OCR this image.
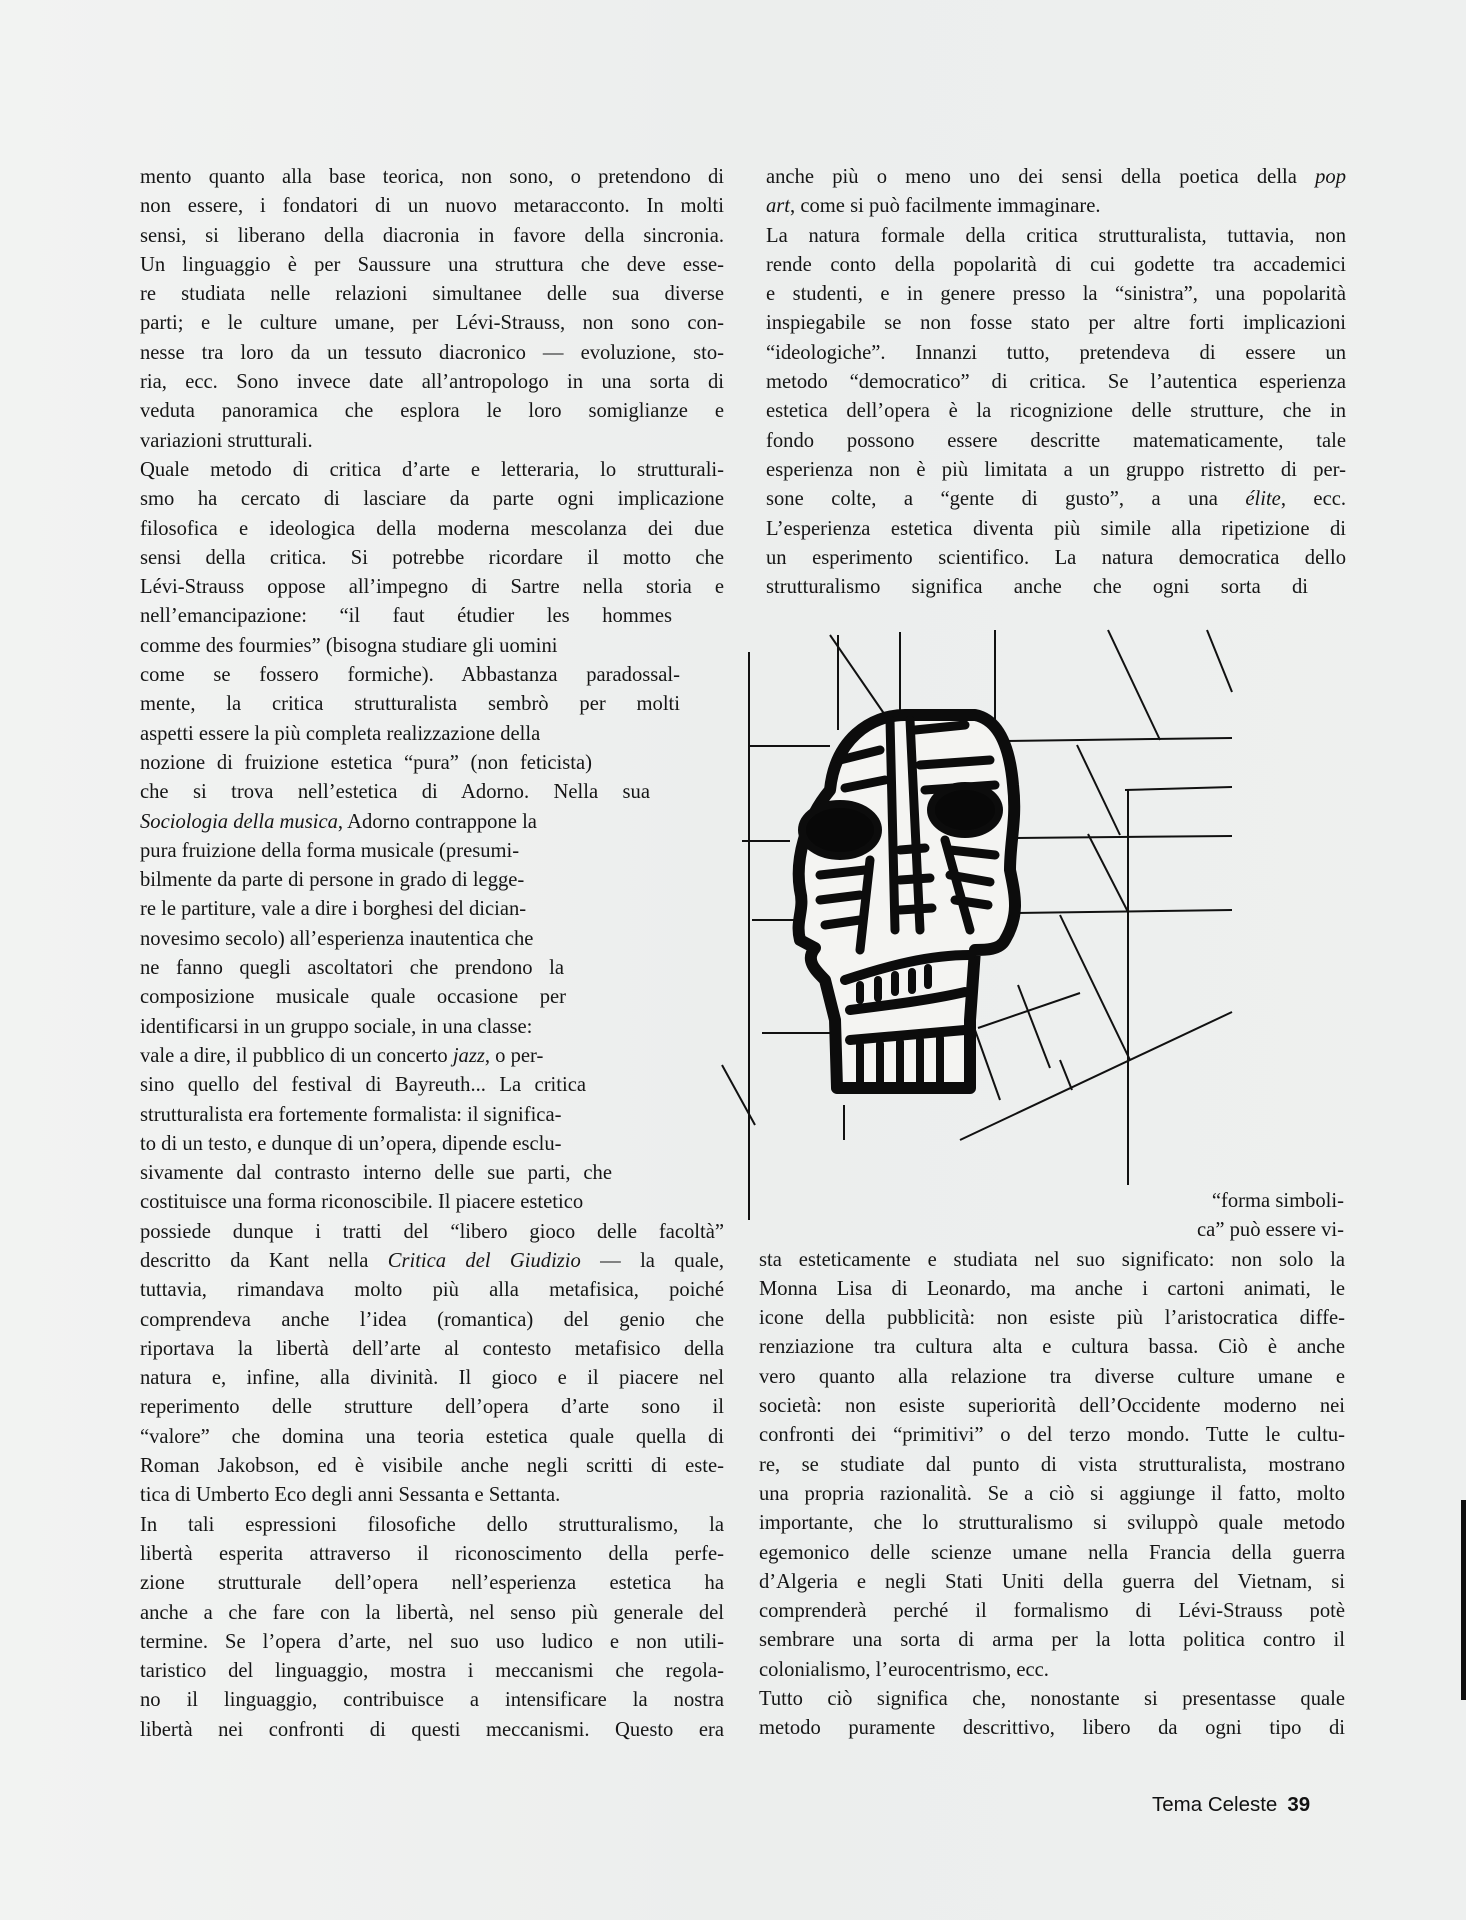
mento quanto alla base teorica, non sono, o pretendono di
non essere, i fondatori di un nuovo metaracconto. In molti
sensi, si liberano della diacronia in favore della sincronia.
Un linguaggio è per Saussure una struttura che deve esse-
re studiata nelle relazioni simultanee delle sua diverse
parti; e le culture umane, per Lévi-Strauss, non sono con-
nesse tra loro da un tessuto diacronico — evoluzione, sto-
ria, ecc. Sono invece date all’antropologo in una sorta di
veduta panoramica che esplora le loro somiglianze e
variazioni strutturali.
Quale metodo di critica d’arte e letteraria, lo strutturali-
smo ha cercato di lasciare da parte ogni implicazione
filosofica e ideologica della moderna mescolanza dei due
sensi della critica. Si potrebbe ricordare il motto che
Lévi-Strauss oppose all’impegno di Sartre nella storia e
nell’emancipazione: “il faut étudier les hommes
comme des fourmies” (bisogna studiare gli uomini
come se fossero formiche). Abbastanza paradossal-
mente, la critica strutturalista sembrò per molti
aspetti essere la più completa realizzazione della
nozione di fruizione estetica “pura” (non feticista)
che si trova nell’estetica di Adorno. Nella sua
Sociologia della musica, Adorno contrappone la
pura fruizione della forma musicale (presumi-
bilmente da parte di persone in grado di legge-
re le partiture, vale a dire i borghesi del dician-
novesimo secolo) all’esperienza inautentica che
ne fanno quegli ascoltatori che prendono la
composizione musicale quale occasione per
identificarsi in un gruppo sociale, in una classe:
vale a dire, il pubblico di un concerto jazz, o per-
sino quello del festival di Bayreuth... La critica
strutturalista era fortemente formalista: il significa-
to di un testo, e dunque di un’opera, dipende esclu-
sivamente dal contrasto interno delle sue parti, che
costituisce una forma riconoscibile. Il piacere estetico
possiede dunque i tratti del “libero gioco delle facoltà”
descritto da Kant nella Critica del Giudizio — la quale,
tuttavia, rimandava molto più alla metafisica, poiché
comprendeva anche l’idea (romantica) del genio che
riportava la libertà dell’arte al contesto metafisico della
natura e, infine, alla divinità. Il gioco e il piacere nel
reperimento delle strutture dell’opera d’arte sono il
“valore” che domina una teoria estetica quale quella di
Roman Jakobson, ed è visibile anche negli scritti di este-
tica di Umberto Eco degli anni Sessanta e Settanta.
In tali espressioni filosofiche dello strutturalismo, la
libertà esperita attraverso il riconoscimento della perfe-
zione strutturale dell’opera nell’esperienza estetica ha
anche a che fare con la libertà, nel senso più generale del
termine. Se l’opera d’arte, nel suo uso ludico e non utili-
taristico del linguaggio, mostra i meccanismi che regola-
no il linguaggio, contribuisce a intensificare la nostra
libertà nei confronti di questi meccanismi. Questo era
anche più o meno uno dei sensi della poetica della pop
art, come si può facilmente immaginare.
La natura formale della critica strutturalista, tuttavia, non
rende conto della popolarità di cui godette tra accademici
e studenti, e in genere presso la “sinistra”, una popolarità
inspiegabile se non fosse stato per altre forti implicazioni
“ideologiche”. Innanzi tutto, pretendeva di essere un
metodo “democratico” di critica. Se l’autentica esperienza
estetica dell’opera è la ricognizione delle strutture, che in
fondo possono essere descritte matematicamente, tale
esperienza non è più limitata a un gruppo ristretto di per-
sone colte, a “gente di gusto”, a una élite, ecc.
L’esperienza estetica diventa più simile alla ripetizione di
un esperimento scientifico. La natura democratica dello
strutturalismo significa anche che ogni sorta di
“forma simboli-
ca” può essere vi-
sta esteticamente e studiata nel suo significato: non solo la
Monna Lisa di Leonardo, ma anche i cartoni animati, le
icone della pubblicità: non esiste più l’aristocratica diffe-
renziazione tra cultura alta e cultura bassa. Ciò è anche
vero quanto alla relazione tra diverse culture umane e
società: non esiste superiorità dell’Occidente moderno nei
confronti dei “primitivi” o del terzo mondo. Tutte le cultu-
re, se studiate dal punto di vista strutturalista, mostrano
una propria razionalità. Se a ciò si aggiunge il fatto, molto
importante, che lo strutturalismo si sviluppò quale metodo
egemonico delle scienze umane nella Francia della guerra
d’Algeria e negli Stati Uniti della guerra del Vietnam, si
comprenderà perché il formalismo di Lévi-Strauss potè
sembrare una sorta di arma per la lotta politica contro il
colonialismo, l’eurocentrismo, ecc.
Tutto ciò significa che, nonostante si presentasse quale
metodo puramente descrittivo, libero da ogni tipo di
Tema Celeste 39
